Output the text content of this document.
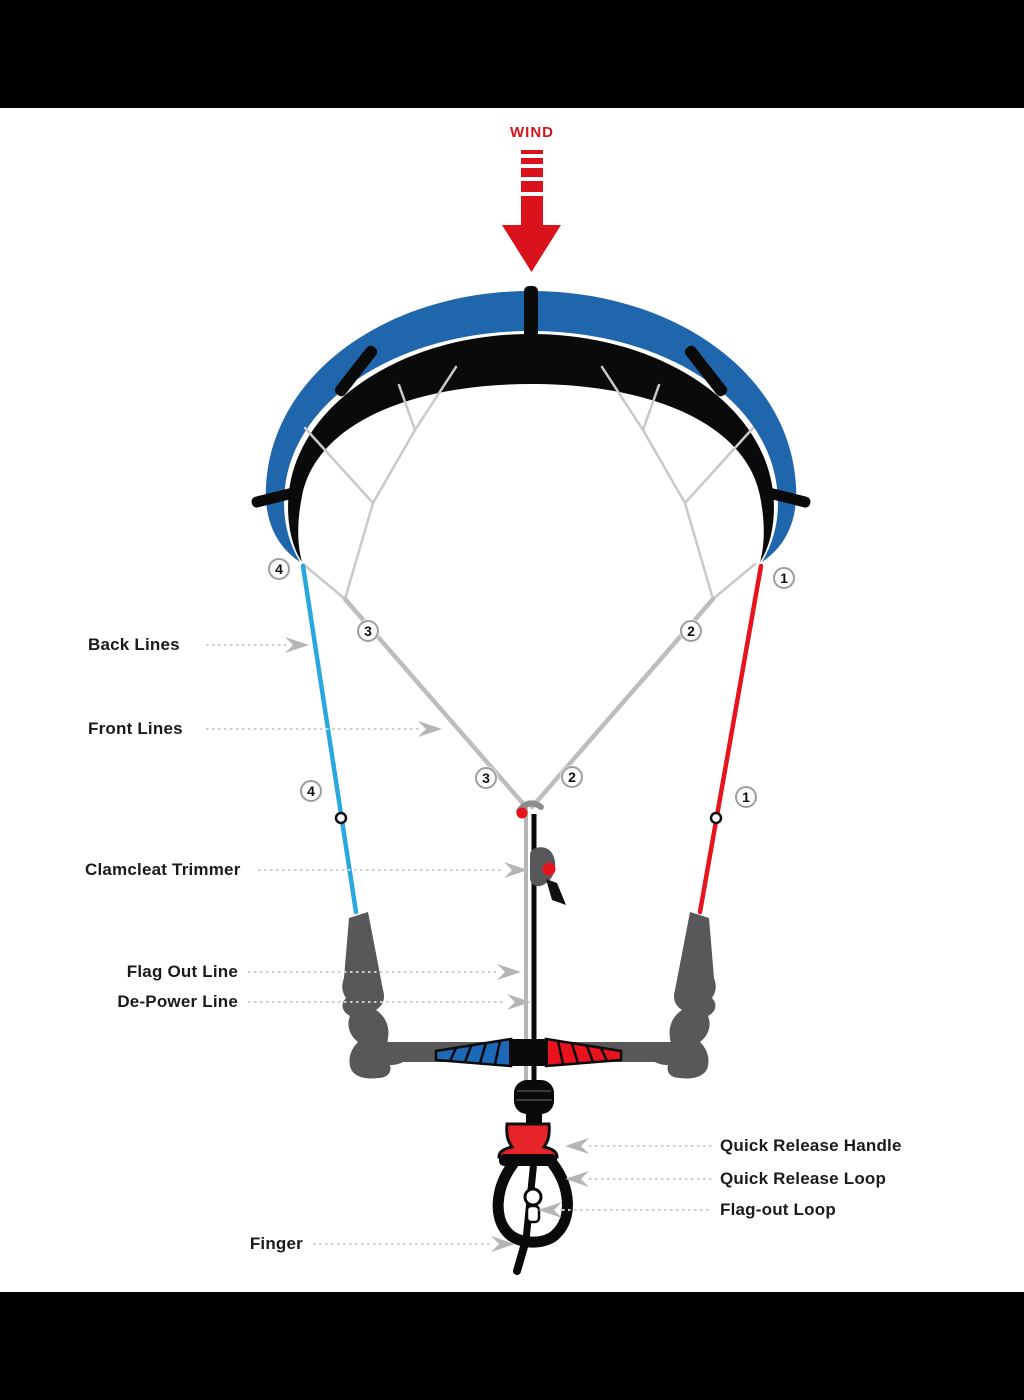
WIND
Back Lines
Front Lines
Clamcleat Trimmer
Flag Out Line
De-Power Line
Quick Release Handle
Quick Release Loop
Flag-out Loop
Finger
4
3	2
1
4
3	2
1
